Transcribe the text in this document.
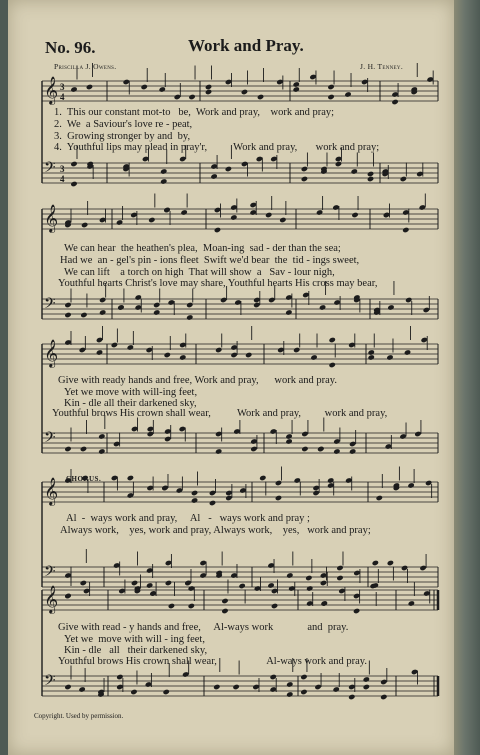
No. 96.	Work and Pray.
Priscilla J. Owens.	J. H. Tenney.
𝄞 3
4
𝄢 3
4
𝄞
𝄢
𝄞
𝄢
𝄞
𝄢
𝄞
𝄢
CHORUS.
1.  This our constant mot-to   be,  Work and pray,    work and pray;
2.  We  a Saviour's love re - peat,
3.  Growing stronger by and  by,
4.  Youthful lips may plead in pray'r,          Work and pray,       work and pray;
We can hear  the heathen's plea,  Moan-ing  sad - der than the sea;
Had we  an - gel's pin - ions fleet  Swift we'd bear  the  tid - ings sweet,
We can lift    a torch on high  That will show  a   Sav - lour nigh,
Youthful hearts Christ's love may share, Youthful hearts His cross may bear,
Give with ready hands and free, Work and pray,      work and pray.
Yet we move with will-ing feet,
Kin - dle all their darkened sky,
Youthful brows His crown shall wear,          Work and pray,         work and pray,
Al  -  ways work and pray,     Al   -   ways work and pray ;
Always work,    yes, work and pray, Always work,    yes,   work and pray;
Give with read - y hands and free,     Al-ways work             and  pray.
Yet we  move with will - ing feet,
Kin - dle   all   their darkened sky,
Youthful brows His crown shall wear,                   Al-ways work and pray.
Copyright. Used by permission.
